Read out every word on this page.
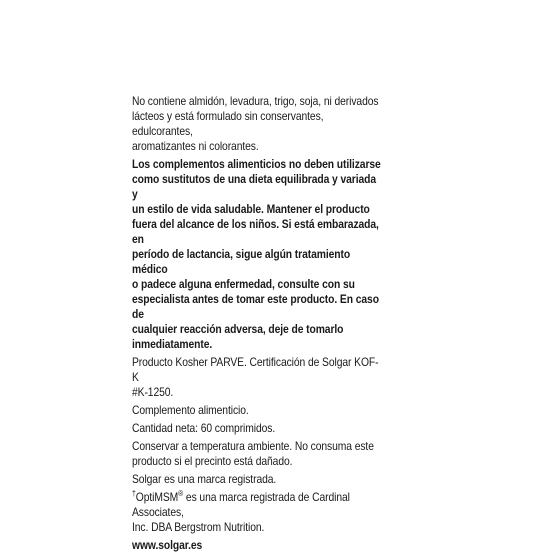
No contiene almidón, levadura, trigo, soja, ni derivados
lácteos y está formulado sin conservantes, edulcorantes,
aromatizantes ni colorantes.

Los complementos alimenticios no deben utilizarse
como sustitutos de una dieta equilibrada y variada y
un estilo de vida saludable. Mantener el producto
fuera del alcance de los niños. Si está embarazada, en
período de lactancia, sigue algún tratamiento médico
o padece alguna enfermedad, consulte con su
especialista antes de tomar este producto. En caso de
cualquier reacción adversa, deje de tomarlo
inmediatamente.

Producto Kosher PARVE. Certificación de Solgar KOF-K
#K-1250.

Complemento alimenticio.

Cantidad neta: 60 comprimidos.

Conservar a temperatura ambiente. No consuma este
producto si el precinto está dañado.

Solgar es una marca registrada.

†OptiMSM® es una marca registrada de Cardinal Associates,
Inc. DBA Bergstrom Nutrition.

www.solgar.es
